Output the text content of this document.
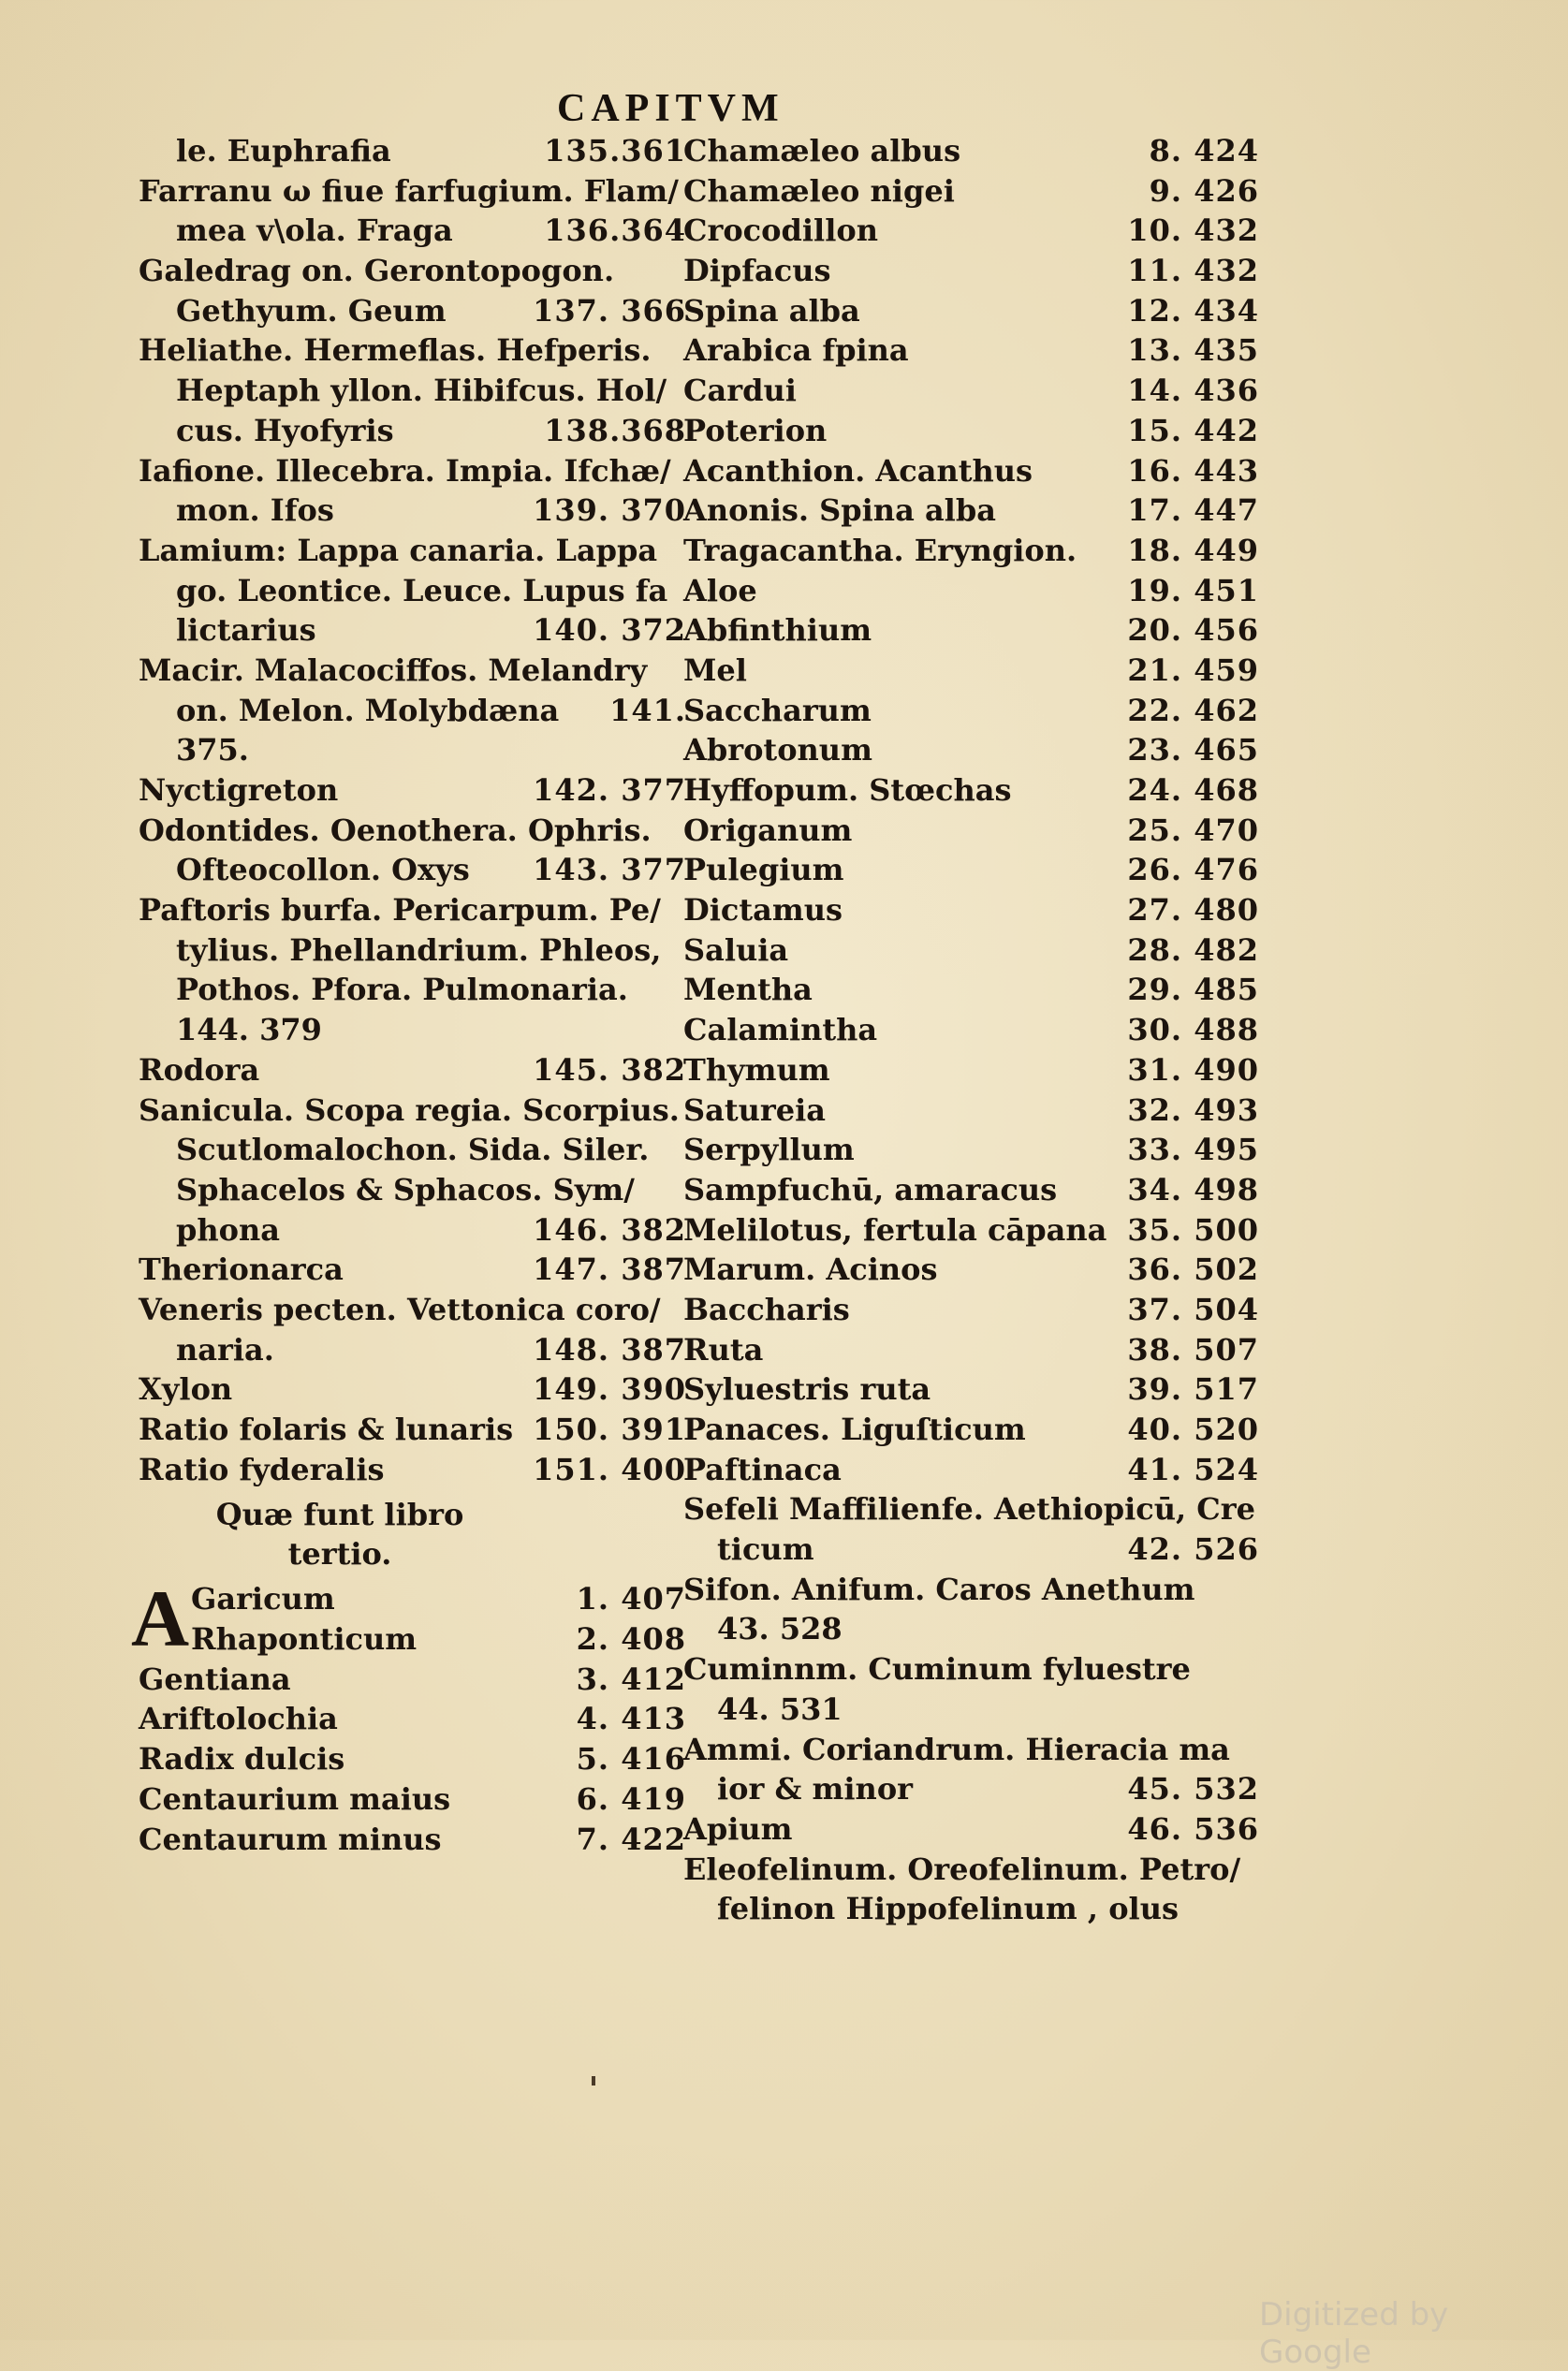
CAPITVM
le. Euphrafia	135.361
Farranu ω fiue farfugium. Flam/
mea v\ola. Fraga	136.364
Galedrag on. Gerontopogon.
Gethyum. Geum	137. 366
Heliathe. Hermeflas. Hefperis.
Heptaph yllon. Hibifcus. Hol/
cus. Hyofyris	138.368
Iafione. Illecebra. Impia. Ifchæ/
mon. Ifos	139. 370
Lamium: Lappa canaria. Lappa
go. Leontice. Leuce. Lupus fa
lictarius	140. 372
Macir. Malacociffos. Melandry
on. Melon. Molybdæna 141.
375.
Nyctigreton	142. 377
Odontides. Oenothera. Ophris.
Ofteocollon. Oxys 143. 377
Paftoris burfa. Pericarpum. Pe/
tylius. Phellandrium. Phleos,
Pothos. Pfora. Pulmonaria.
144. 379
Rodora	145. 382
Sanicula. Scopa regia. Scorpius.
Scutlomalochon. Sida. Siler.
Sphacelos & Sphacos. Sym/
phona	146. 382
Therionarca	147. 387
Veneris pecten. Vettonica coro/
naria.	148. 387
Xylon	149. 390
Ratio folaris & lunaris 150. 391
Ratio fyderalis	151. 400
Quæ funt libro
tertio.
A Garicum	1. 407
Rhaponticum	2. 408
Gentiana	3. 412
Ariftolochia	4. 413
Radix dulcis	5. 416
Centaurium maius	6. 419
Centaurum minus	7. 422
Chamæleo albus	8. 424
Chamæleo nigei	9. 426
Crocodillon	10. 432
Dipfacus	11. 432
Spina alba	12. 434
Arabica fpina	13. 435
Cardui	14. 436
Poterion	15. 442
Acanthion. Acanthus	16. 443
Anonis. Spina alba	17. 447
Tragacantha. Eryngion. 18. 449
Aloe	19. 451
Abfinthium	20. 456
Mel	21. 459
Saccharum	22. 462
Abrotonum	23. 465
Hyffopum. Stœchas	24. 468
Origanum	25. 470
Pulegium	26. 476
Dictamus	27. 480
Saluia	28. 482
Mentha	29. 485
Calamintha	30. 488
Thymum	31. 490
Satureia	32. 493
Serpyllum	33. 495
Sampfuchū, amaracus 34. 498
Melilotus, fertula cāpana 35. 500
Marum. Acinos	36. 502
Baccharis	37. 504
Ruta	38. 507
Syluestris ruta	39. 517
Panaces. Liguſticum	40. 520
Paftinaca	41. 524
Sefeli Maffilienfe. Aethiopicū, Cre
ticum	42. 526
Sifon. Anifum. Caros Anethum
43. 528
Cuminnm. Cuminum fyluestre
44. 531
Ammi. Coriandrum. Hieracia ma
ior & minor	45. 532
Apium	46. 536
Eleofelinum. Oreofelinum. Petro/
felinon Hippofelinum , olus
Digitized by Google
